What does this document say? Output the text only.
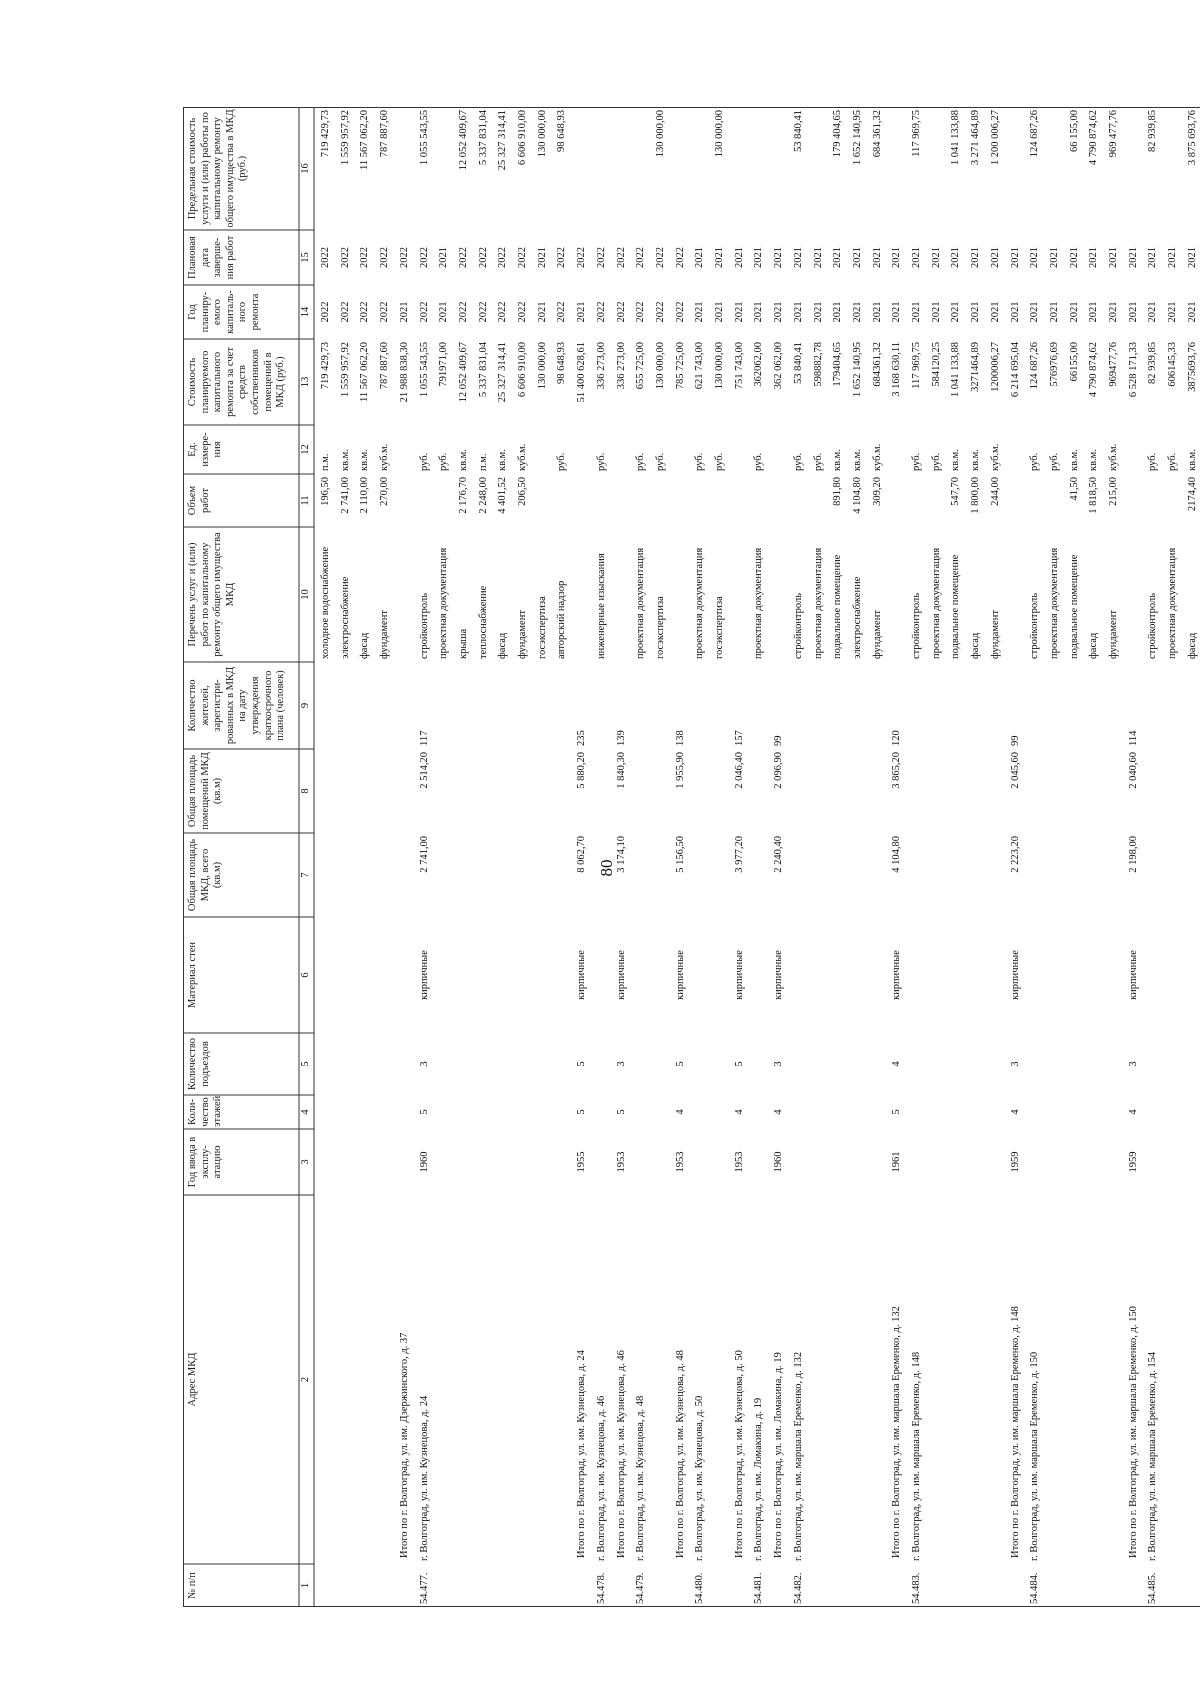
80
№ п/п
Адрес МКД
Год ввода в эксплу-атацию
Коли-чество этажей
Количество подъездов
Материал стен
Общая площадь МКД, всего (кв.м)
Общая площадь помещений МКД (кв.м)
Количество жителей, зарегистри-рованных в МКД на дату утверждения краткосрочного плана (человек)
Перечень услуг и (или) работ по капитальному ремонту общего имущества МКД
Объем работ
Ед. измере-ния
Стоимость планируемого капитального ремонта за счет средств собственников помещений в МКД (руб.)
Год планиру-емого капиталь-ного ремонта
Плановая дата заверше-ния работ
Предельная стоимость услуги и (или) работы по капитальному ремонту общего имущества в МКД (руб.)
1
2
3
4
5
6
7
8
9
10
11
12
13
14
15
16
холодное водоснабжение
196,50
п.м.
719 429,73
2022
2022
719 429,73
электроснабжение
2 741,00
кв.м.
1 559 957,92
2022
2022
1 559 957,92
фасад
2 110,00
кв.м.
11 567 062,20
2022
2022
11 567 062,20
фундамент
270,00
куб.м.
787 887,60
2022
2022
787 887,60
Итого по г. Волгоград, ул. им. Дзержинского, д. 37
21 988 838,30
2021
2022
54.477.
г. Волгоград, ул. им. Кузнецова, д. 24
1960
5
3
кирпичные
2 741,00
2 514,20
117
стройконтроль
руб.
1 055 543,55
2022
2022
1 055 543,55
проектная документация
руб.
791971,00
2021
2021
крыша
2 176,70
кв.м.
12 052 409,67
2022
2022
12 052 409,67
теплоснабжение
2 248,00
п.м.
5 337 831,04
2022
2022
5 337 831,04
фасад
4 401,52
кв.м.
25 327 314,41
2022
2022
25 327 314,41
фундамент
206,50
куб.м.
6 606 910,00
2022
2022
6 606 910,00
госэкспертиза
130 000,00
2021
2021
130 000,00
авторский надзор
руб.
98 648,93
2022
2022
98 648,93
Итого по г. Волгоград, ул. им. Кузнецова, д. 24
1955
5
5
кирпичные
8 062,70
5 880,20
235
51 400 628,61
2021
2022
54.478.
г. Волгоград, ул. им. Кузнецова, д. 46
инженерные изыскания
руб.
336 273,00
2022
2022
Итого по г. Волгоград, ул. им. Кузнецова, д. 46
1953
5
3
кирпичные
3 174,10
1 840,30
139
336 273,00
2022
2022
54.479.
г. Волгоград, ул. им. Кузнецова, д. 48
проектная документация
руб.
655 725,00
2022
2022
госэкспертиза
руб.
130 000,00
2022
2022
130 000,00
Итого по г. Волгоград, ул. им. Кузнецова, д. 48
1953
4
5
кирпичные
5 156,50
1 955,90
138
785 725,00
2022
2022
54.480.
г. Волгоград, ул. им. Кузнецова, д. 50
проектная документация
руб.
621 743,00
2021
2021
госэкспертиза
руб.
130 000,00
2021
2021
130 000,00
Итого по г. Волгоград, ул. им. Кузнецова, д. 50
1953
4
5
кирпичные
3 977,20
2 046,40
157
751 743,00
2021
2021
54.481.
г. Волгоград, ул. им. Ломакина, д. 19
проектная документация
руб.
362062,00
2021
2021
Итого по г. Волгоград, ул. им. Ломакина, д. 19
1960
4
3
кирпичные
2 240,40
2 096,90
99
362 062,00
2021
2021
54.482.
г. Волгоград, ул. им. маршала Еременко, д. 132
стройконтроль
руб.
53 840,41
2021
2021
53 840,41
проектная документация
руб.
598882,78
2021
2021
подвальное помещение
891,80
кв.м.
179404,65
2021
2021
179 404,65
электроснабжение
4 104,80
кв.м.
1 652 140,95
2021
2021
1 652 140,95
фундамент
309,20
куб.м.
684361,32
2021
2021
684 361,32
Итого по г. Волгоград, ул. им. маршала Еременко, д. 132
1961
5
4
кирпичные
4 104,80
3 865,20
120
3 168 630,11
2021
2021
54.483.
г. Волгоград, ул. им. маршала Еременко, д. 148
стройконтроль
руб.
117 969,75
2021
2021
117 969,75
проектная документация
руб.
584120,25
2021
2021
подвальное помещение
547,70
кв.м.
1 041 133,88
2021
2021
1 041 133,88
фасад
1 800,00
кв.м.
3271464,89
2021
2021
3 271 464,89
фундамент
244,00
куб.м.
1200006,27
2021
2021
1 200 006,27
Итого по г. Волгоград, ул. им. маршала Еременко, д. 148
1959
4
3
кирпичные
2 223,20
2 045,60
99
6 214 695,04
2021
2021
54.484.
г. Волгоград, ул. им. маршала Еременко, д. 150
стройконтроль
руб.
124 687,26
2021
2021
124 687,26
проектная документация
руб.
576976,69
2021
2021
подвальное помещение
41,50
кв.м.
66155,00
2021
2021
66 155,00
фасад
1 818,50
кв.м.
4 790 874,62
2021
2021
4 790 874,62
фундамент
215,00
куб.м.
969477,76
2021
2021
969 477,76
Итого по г. Волгоград, ул. им. маршала Еременко, д. 150
1959
4
3
кирпичные
2 198,00
2 040,60
114
6 528 171,33
2021
2021
54.485.
г. Волгоград, ул. им. маршала Еременко, д. 154
стройконтроль
руб.
82 939,85
2021
2021
82 939,85
проектная документация
руб.
606145,33
2021
2021
фасад
2174,40
кв.м.
3875693,76
2021
2021
3 875 693,76
